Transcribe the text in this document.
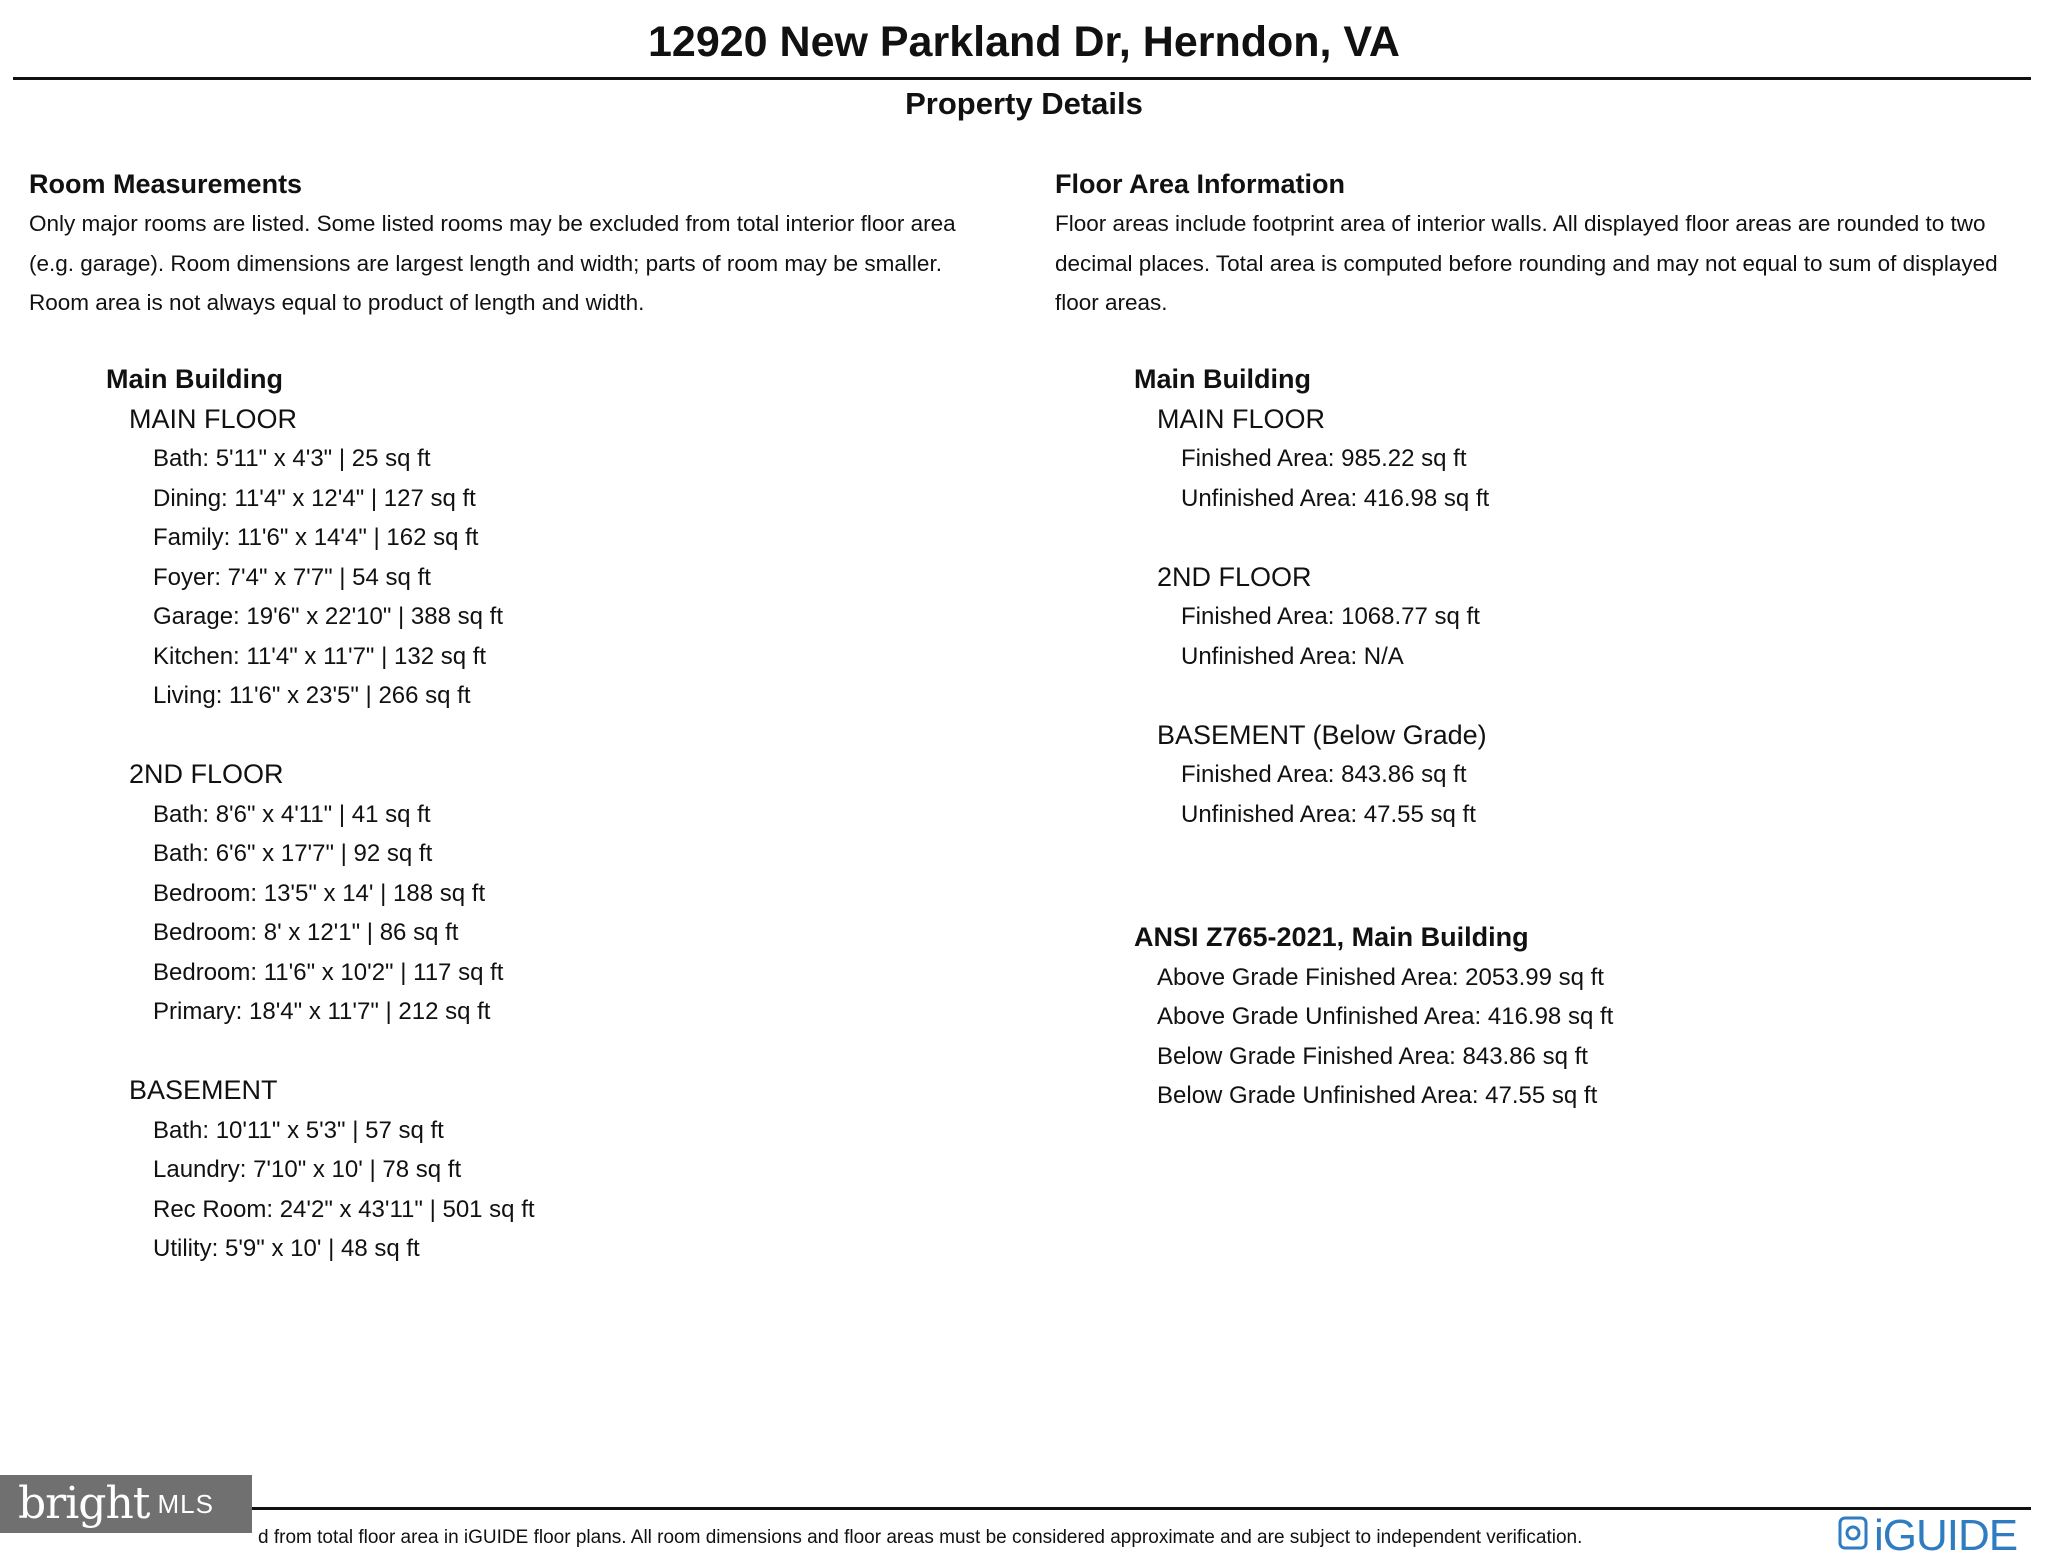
12920 New Parkland Dr, Herndon, VA
Property Details

Room Measurements

Only major rooms are listed. Some listed rooms may be excluded from total interior floor area

(e.g. garage). Room dimensions are largest length and width; parts of room may be smaller.

Room area is not always equal to product of length and width.

Floor Area Information

Floor areas include footprint area of interior walls. All displayed floor areas are rounded to two

decimal places. Total area is computed before rounding and may not equal to sum of displayed

floor areas.

Main Building

MAIN FLOOR

Bath: 5'11" x 4'3" | 25 sq ft

Dining: 11'4" x 12'4" | 127 sq ft

Family: 11'6" x 14'4" | 162 sq ft

Foyer: 7'4" x 7'7" | 54 sq ft

Garage: 19'6" x 22'10" | 388 sq ft

Kitchen: 11'4" x 11'7" | 132 sq ft

Living: 11'6" x 23'5" | 266 sq ft

2ND FLOOR

Bath: 8'6" x 4'11" | 41 sq ft

Bath: 6'6" x 17'7" | 92 sq ft

Bedroom: 13'5" x 14' | 188 sq ft

Bedroom: 8' x 12'1" | 86 sq ft

Bedroom: 11'6" x 10'2" | 117 sq ft

Primary: 18'4" x 11'7" | 212 sq ft

BASEMENT

Bath: 10'11" x 5'3" | 57 sq ft

Laundry: 7'10" x 10' | 78 sq ft

Rec Room: 24'2" x 43'11" | 501 sq ft

Utility: 5'9" x 10' | 48 sq ft

Main Building

MAIN FLOOR

Finished Area: 985.22 sq ft

Unfinished Area: 416.98 sq ft

2ND FLOOR

Finished Area: 1068.77 sq ft

Unfinished Area: N/A

BASEMENT (Below Grade)

Finished Area: 843.86 sq ft

Unfinished Area: 47.55 sq ft

ANSI Z765-2021, Main Building

Above Grade Finished Area: 2053.99 sq ft

Above Grade Unfinished Area: 416.98 sq ft

Below Grade Finished Area: 843.86 sq ft

Below Grade Unfinished Area: 47.55 sq ft

d from total floor area in iGUIDE floor plans. All room dimensions and floor areas must be considered approximate and are subject to independent verification.
bright MLS
iGUIDE
